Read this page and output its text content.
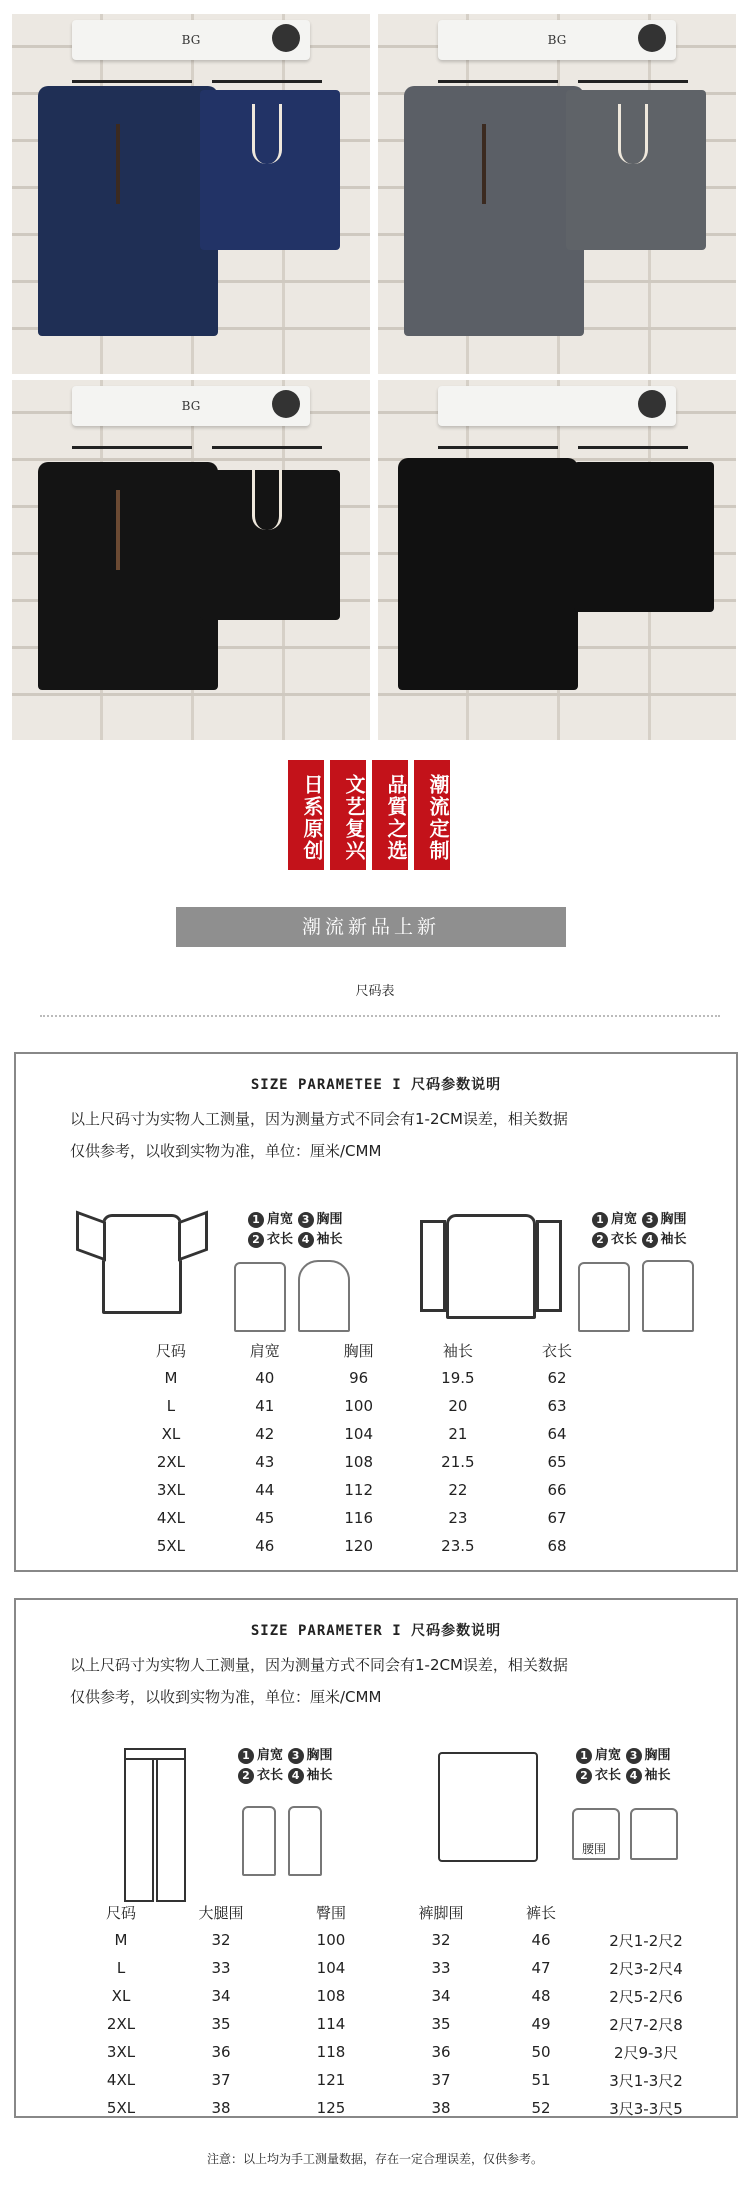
BG	BG
BG
日系原创 文艺复兴 品質之选 潮流定制
潮流新品上新
尺码表
SIZE PARAMETEE I 尺码参数说明
以上尺码寸为实物人工测量，因为测量方式不同会有1-2CM误差，相关数据
仅供参考，以收到实物为准，单位：厘米/CMM
1 肩宽 3 胸围
2 衣长 4 袖长
1 肩宽 3 胸围
2 衣长 4 袖长
尺码	肩宽	胸围	袖长	衣长
M	40	96	19.5	62
L	41	100	20	63
XL	42	104	21	64
2XL	43	108	21.5	65
3XL	44	112	22	66
4XL	45	116	23	67
5XL	46	120	23.5	68
SIZE PARAMETER I 尺码参数说明
以上尺码寸为实物人工测量，因为测量方式不同会有1-2CM误差，相关数据
仅供参考，以收到实物为准，单位：厘米/CMM
1 肩宽 3 胸围
2 衣长 4 袖长
1 肩宽 3 胸围
2 衣长 4 袖长
腰围
尺码	大腿围	臀围	裤脚围	裤长	
M	32	100	32	46	2尺1-2尺2
L	33	104	33	47	2尺3-2尺4
XL	34	108	34	48	2尺5-2尺6
2XL	35	114	35	49	2尺7-2尺8
3XL	36	118	36	50	2尺9-3尺
4XL	37	121	37	51	3尺1-3尺2
5XL	38	125	38	52	3尺3-3尺5
注意：以上均为手工测量数据，存在一定合理误差，仅供参考。
